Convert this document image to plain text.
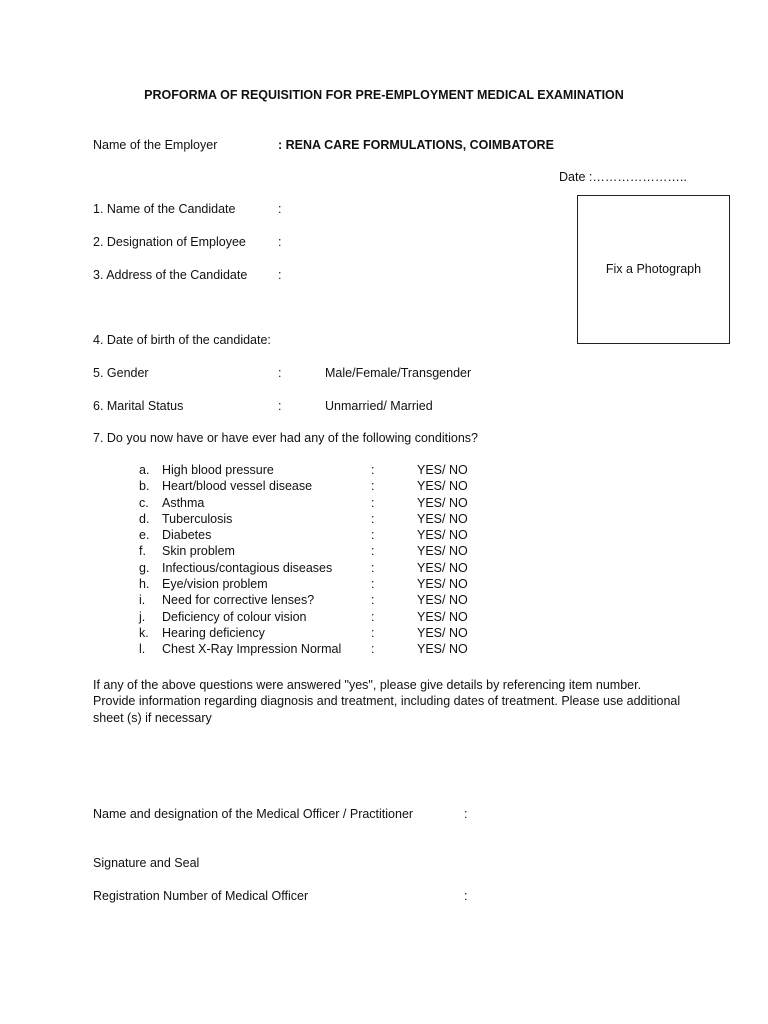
PROFORMA OF REQUISITION FOR PRE-EMPLOYMENT MEDICAL EXAMINATION
Name of the Employer	: RENA CARE FORMULATIONS, COIMBATORE
Date :…………………..
Fix a Photograph
1. Name of the Candidate	:
2. Designation of Employee	:
3. Address of the Candidate :
4. Date of birth of the candidate:
5. Gender	:	Male/Female/Transgender
6. Marital Status	:	Unmarried/ Married
7. Do you now have or have ever had any of the following conditions?
a. High blood pressure	:	YES/ NO
b. Heart/blood vessel disease	:	YES/ NO
c. Asthma	:	YES/ NO
d. Tuberculosis	:	YES/ NO
e. Diabetes	:	YES/ NO
f. Skin problem	:	YES/ NO
g. Infectious/contagious diseases	:	YES/ NO
h. Eye/vision problem	:	YES/ NO
i. Need for corrective lenses?	:	YES/ NO
j. Deficiency of colour vision	:	YES/ NO
k. Hearing deficiency	:	YES/ NO
l. Chest X-Ray Impression Normal :	YES/ NO
If any of the above questions were answered "yes", please give details by referencing item number. Provide information regarding diagnosis and treatment, including dates of treatment. Please use additional sheet (s) if necessary
Name and designation of the Medical Officer / Practitioner	:
Signature and Seal
Registration Number of Medical Officer	:
